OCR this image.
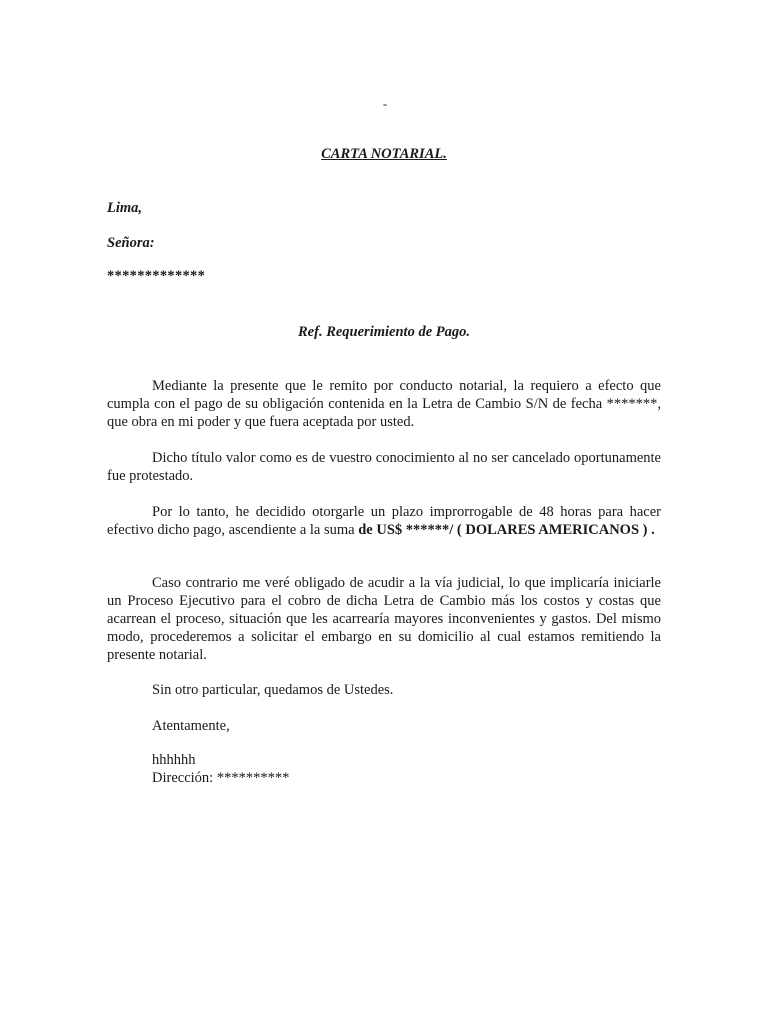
-
CARTA NOTARIAL.
Lima,
Señora:
*************
Ref. Requerimiento de Pago.
Mediante la presente que le remito por conducto notarial, la requiero a efecto que cumpla con el pago de su obligación contenida en la Letra de Cambio S/N de fecha *******, que obra en mi poder y que fuera aceptada por usted.
Dicho título valor como es de vuestro conocimiento al no ser cancelado oportunamente fue protestado.
Por lo tanto, he decidido otorgarle un plazo improrrogable de 48 horas para hacer efectivo dicho pago, ascendiente a la suma de US$ ******/ ( DOLARES AMERICANOS ) .
Caso contrario me veré obligado de acudir a la vía judicial, lo que implicaría iniciarle un Proceso Ejecutivo para el cobro de dicha Letra de Cambio más los costos y costas que acarrean el proceso, situación que les acarrearía mayores inconvenientes y gastos. Del mismo modo, procederemos a solicitar el embargo en su domicilio al cual estamos remitiendo la presente notarial.
Sin otro particular, quedamos de Ustedes.
Atentamente,
hhhhhh
Dirección: **********
